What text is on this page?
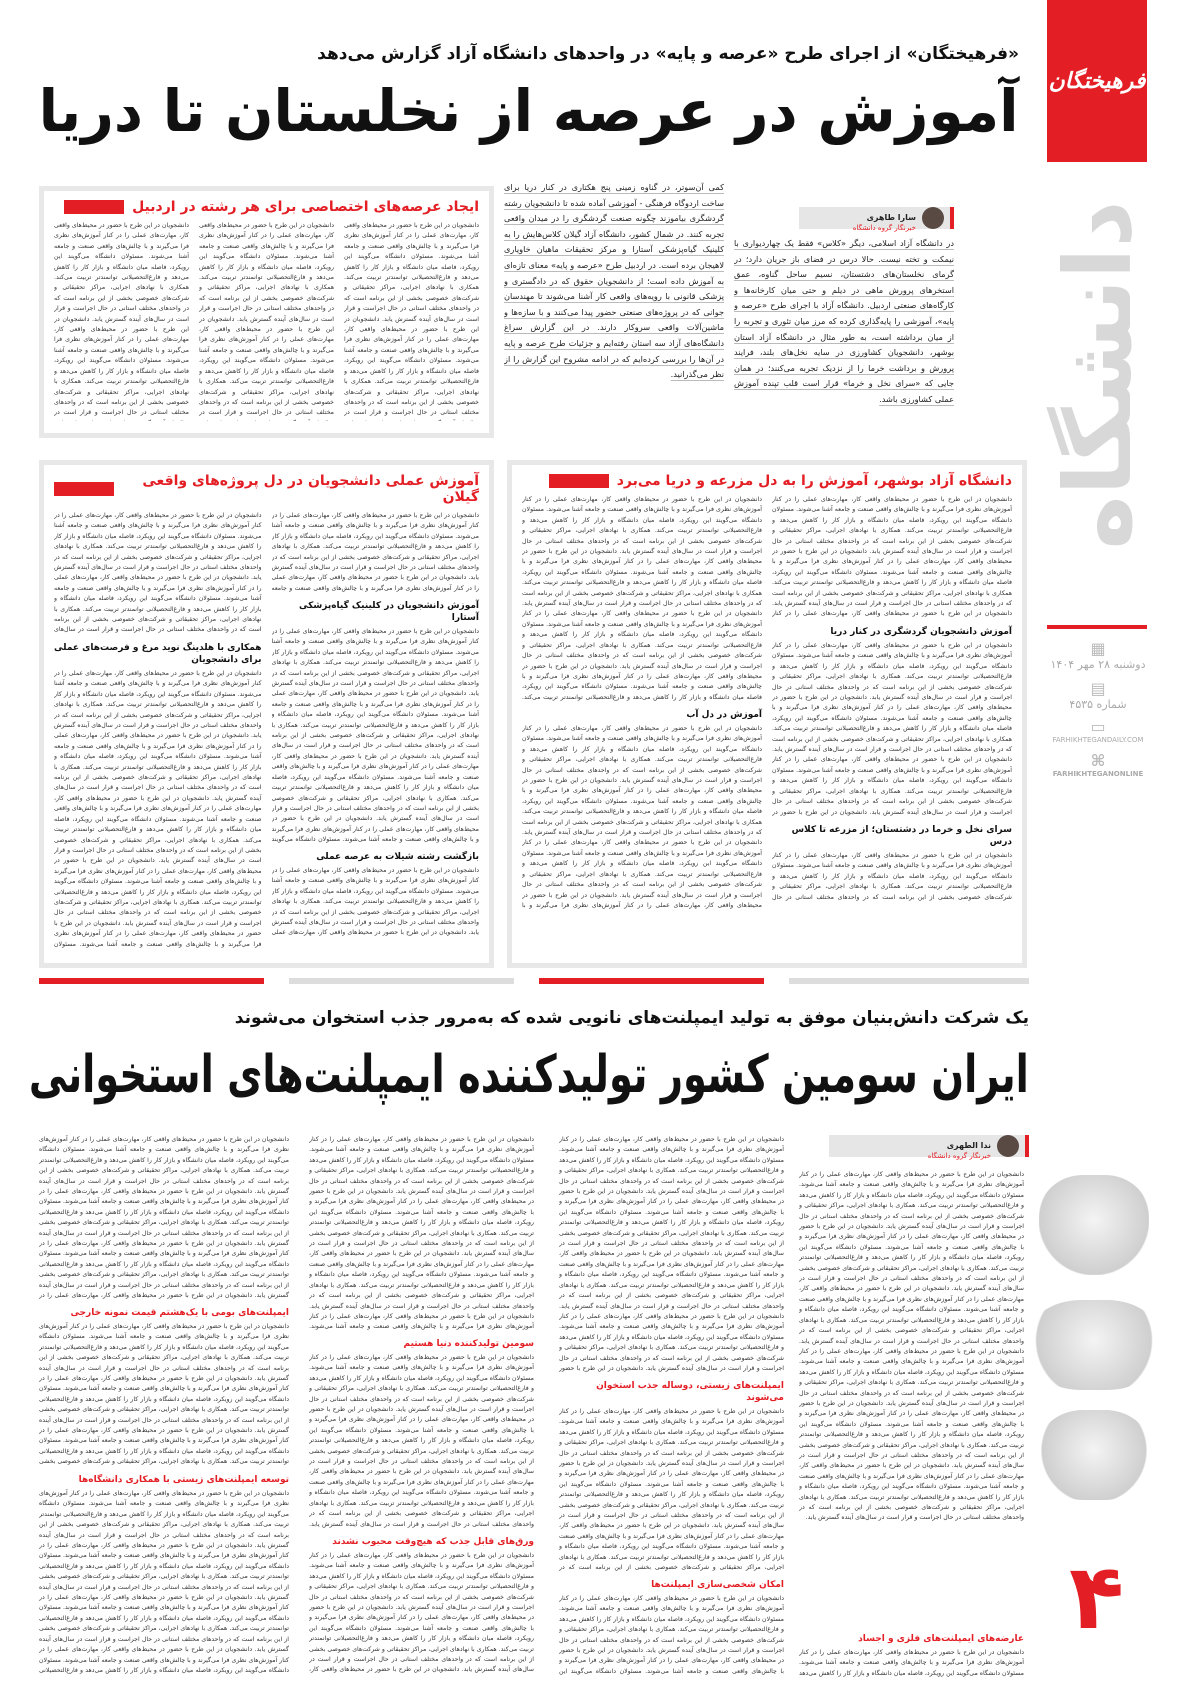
فرهیختگان
دانشگاه
▦
دوشنبه ۲۸ مهر ۱۴۰۴
▤
شماره ۴۵۳۵
▭
FARHIKHTEGANDAILY.COM
⌘
FARHIKHTEGANONLINE
۴
«فرهیختگان» از اجرای طرح «عرصه و پایه» در واحدهای دانشگاه آزاد گزارش می‌دهد
آموزش در عرصه از نخلستان تا دریا
سارا طاهری
خبرنگار گروه دانشگاه

در دانشگاه آزاد اسلامی، دیگر «کلاس» فقط یک چهاردیواری با نیمکت و تخته نیست. حالا درس در فضای باز جریان دارد؛ در گرمای نخلستان‌های دشتستان، نسیم ساحل گناوه، عمق استخرهای پرورش ماهی در دیلم و حتی میان کارخانه‌ها و کارگاه‌های صنعتی اردبیل. دانشگاه آزاد با اجرای طرح «عرصه و پایه»، آموزشی را پایه‌گذاری کرده که مرز میان تئوری و تجربه را از میان برداشته است، به طور مثال در دانشگاه آزاد استان بوشهر، دانشجویان کشاورزی در سایه نخل‌های بلند، فرایند پرورش و برداشت خرما را از نزدیک تجربه می‌کنند؛ در همان جایی که «سرای نخل و خرما» قرار است قلب تپنده آموزش عملی کشاورزی باشد.

کمی آن‌سوتر، در گناوه زمینی پنج هکتاری در کنار دریا برای ساخت اردوگاه فرهنگی - آموزشی آماده شده تا دانشجویان رشته گردشگری بیاموزند چگونه صنعت گردشگری را در میدان واقعی تجربه کنند. در شمال کشور، دانشگاه آزاد گیلان کلاس‌هایش را به کلینیک گیاه‌پزشکی آستارا و مرکز تحقیقات ماهیان خاویاری لاهیجان برده است. در اردبیل طرح «عرصه و پایه» معنای تازه‌ای به آموزش داده است؛ از دانشجویان حقوق که در دادگستری و پزشکی قانونی با رویه‌های واقعی کار آشنا می‌شوند تا مهندسان جوانی که در پروژه‌های صنعتی حضور پیدا می‌کنند و با سازه‌ها و ماشین‌آلات واقعی سروکار دارند. در این گزارش سراغ دانشگاه‌های آزاد سه استان رفته‌ایم و جزئیات طرح عرصه و پایه در آن‌ها را بررسی کرده‌ایم که در ادامه مشروح این گزارش را از نظر می‌گذرانید.

ایجاد عرصه‌های اختصاصی برای هر رشته در اردبیل
دانشجویان در این طرح با حضور در محیط‌های واقعی کار، مهارت‌های عملی را در کنار آموزش‌های نظری فرا می‌گیرند و با چالش‌های واقعی صنعت و جامعه آشنا می‌شوند. مسئولان دانشگاه می‌گویند این رویکرد، فاصله میان دانشگاه و بازار کار را کاهش می‌دهد و فارغ‌التحصیلانی توانمندتر تربیت می‌کند. همکاری با نهادهای اجرایی، مراکز تحقیقاتی و شرکت‌های خصوصی بخشی از این برنامه است که در واحدهای مختلف استانی در حال اجراست و قرار است در سال‌های آینده گسترش یابد. دانشجویان در این طرح با حضور در محیط‌های واقعی کار، مهارت‌های عملی را در کنار آموزش‌های نظری فرا می‌گیرند و با چالش‌های واقعی صنعت و جامعه آشنا می‌شوند. مسئولان دانشگاه می‌گویند این رویکرد، فاصله میان دانشگاه و بازار کار را کاهش می‌دهد و فارغ‌التحصیلانی توانمندتر تربیت می‌کند. همکاری با نهادهای اجرایی، مراکز تحقیقاتی و شرکت‌های خصوصی بخشی از این برنامه است که در واحدهای مختلف استانی در حال اجراست و قرار است در
دانشجویان در این طرح با حضور در محیط‌های واقعی کار، مهارت‌های عملی را در کنار آموزش‌های نظری فرا می‌گیرند و با چالش‌های واقعی صنعت و جامعه آشنا می‌شوند. مسئولان دانشگاه می‌گویند این رویکرد، فاصله میان دانشگاه و بازار کار را کاهش می‌دهد و فارغ‌التحصیلانی توانمندتر تربیت می‌کند. همکاری با نهادهای اجرایی، مراکز تحقیقاتی و شرکت‌های خصوصی بخشی از این برنامه است که در واحدهای مختلف استانی در حال اجراست و قرار است در سال‌های آینده گسترش یابد. دانشجویان در این طرح با حضور در محیط‌های واقعی کار، مهارت‌های عملی را در کنار آموزش‌های نظری فرا می‌گیرند و با چالش‌های واقعی صنعت و جامعه آشنا می‌شوند. مسئولان دانشگاه می‌گویند این رویکرد، فاصله میان دانشگاه و بازار کار را کاهش می‌دهد و فارغ‌التحصیلانی توانمندتر تربیت می‌کند. همکاری با نهادهای اجرایی، مراکز تحقیقاتی و شرکت‌های خصوصی بخشی از این برنامه است که در واحدهای مختلف استانی در حال اجراست و قرار است در
دانشجویان در این طرح با حضور در محیط‌های واقعی کار، مهارت‌های عملی را در کنار آموزش‌های نظری فرا می‌گیرند و با چالش‌های واقعی صنعت و جامعه آشنا می‌شوند. مسئولان دانشگاه می‌گویند این رویکرد، فاصله میان دانشگاه و بازار کار را کاهش می‌دهد و فارغ‌التحصیلانی توانمندتر تربیت می‌کند. همکاری با نهادهای اجرایی، مراکز تحقیقاتی و شرکت‌های خصوصی بخشی از این برنامه است که در واحدهای مختلف استانی در حال اجراست و قرار است در سال‌های آینده گسترش یابد. دانشجویان در این طرح با حضور در محیط‌های واقعی کار، مهارت‌های عملی را در کنار آموزش‌های نظری فرا می‌گیرند و با چالش‌های واقعی صنعت و جامعه آشنا می‌شوند. مسئولان دانشگاه می‌گویند این رویکرد، فاصله میان دانشگاه و بازار کار را کاهش می‌دهد و فارغ‌التحصیلانی توانمندتر تربیت می‌کند. همکاری با نهادهای اجرایی، مراکز تحقیقاتی و شرکت‌های خصوصی بخشی از این برنامه است که در واحدهای مختلف استانی در حال اجراست و قرار است در
دانشگاه آزاد بوشهر، آموزش را به دل مزرعه و دریا می‌برد
دانشجویان در این طرح با حضور در محیط‌های واقعی کار، مهارت‌های عملی را در کنار آموزش‌های نظری فرا می‌گیرند و با چالش‌های واقعی صنعت و جامعه آشنا می‌شوند. مسئولان دانشگاه می‌گویند این رویکرد، فاصله میان دانشگاه و بازار کار را کاهش می‌دهد و فارغ‌التحصیلانی توانمندتر تربیت می‌کند. همکاری با نهادهای اجرایی، مراکز تحقیقاتی و شرکت‌های خصوصی بخشی از این برنامه است که در واحدهای مختلف استانی در حال اجراست و قرار است در سال‌های آینده گسترش یابد. دانشجویان در این طرح با حضور در محیط‌های واقعی کار، مهارت‌های عملی را در کنار آموزش‌های نظری فرا می‌گیرند و با چالش‌های واقعی صنعت و جامعه آشنا می‌شوند. مسئولان دانشگاه می‌گویند این رویکرد، فاصله میان دانشگاه و بازار کار را کاهش می‌دهد و فارغ‌التحصیلانی توانمندتر تربیت می‌کند. همکاری با نهادهای اجرایی، مراکز تحقیقاتی و شرکت‌های خصوصی بخشی از این برنامه است که در واحدهای مختلف استانی در حال اجراست و قرار است در سال‌های آینده گسترش یابد. دانشجویان در این طرح با حضور در محیط‌های واقعی کار، مهارت‌های عملی را در کنار
آموزش دانشجویان گردشگری در کنار دریا
دانشجویان در این طرح با حضور در محیط‌های واقعی کار، مهارت‌های عملی را در کنار آموزش‌های نظری فرا می‌گیرند و با چالش‌های واقعی صنعت و جامعه آشنا می‌شوند. مسئولان دانشگاه می‌گویند این رویکرد، فاصله میان دانشگاه و بازار کار را کاهش می‌دهد و فارغ‌التحصیلانی توانمندتر تربیت می‌کند. همکاری با نهادهای اجرایی، مراکز تحقیقاتی و شرکت‌های خصوصی بخشی از این برنامه است که در واحدهای مختلف استانی در حال اجراست و قرار است در سال‌های آینده گسترش یابد. دانشجویان در این طرح با حضور در محیط‌های واقعی کار، مهارت‌های عملی را در کنار آموزش‌های نظری فرا می‌گیرند و با چالش‌های واقعی صنعت و جامعه آشنا می‌شوند. مسئولان دانشگاه می‌گویند این رویکرد، فاصله میان دانشگاه و بازار کار را کاهش می‌دهد و فارغ‌التحصیلانی توانمندتر تربیت می‌کند. همکاری با نهادهای اجرایی، مراکز تحقیقاتی و شرکت‌های خصوصی بخشی از این برنامه است که در واحدهای مختلف استانی در حال اجراست و قرار است در سال‌های آینده گسترش یابد. دانشجویان در این طرح با حضور در محیط‌های واقعی کار، مهارت‌های عملی را در کنار آموزش‌های نظری فرا می‌گیرند و با چالش‌های واقعی صنعت و جامعه آشنا می‌شوند. مسئولان دانشگاه می‌گویند این رویکرد، فاصله میان دانشگاه و بازار کار را کاهش می‌دهد و فارغ‌التحصیلانی توانمندتر تربیت می‌کند. همکاری با نهادهای اجرایی، مراکز تحقیقاتی و شرکت‌های خصوصی بخشی از این برنامه است که در واحدهای مختلف استانی در حال اجراست و قرار است در سال‌های آینده گسترش یابد. دانشجویان در این طرح با حضور در
سرای نخل و خرما در دشتستان؛ از مزرعه تا کلاس درس
دانشجویان در این طرح با حضور در محیط‌های واقعی کار، مهارت‌های عملی را در کنار آموزش‌های نظری فرا می‌گیرند و با چالش‌های واقعی صنعت و جامعه آشنا می‌شوند. مسئولان دانشگاه می‌گویند این رویکرد، فاصله میان دانشگاه و بازار کار را کاهش می‌دهد و فارغ‌التحصیلانی توانمندتر تربیت می‌کند. همکاری با نهادهای اجرایی، مراکز تحقیقاتی و شرکت‌های خصوصی بخشی از این برنامه است که در واحدهای مختلف استانی در حال
دانشجویان در این طرح با حضور در محیط‌های واقعی کار، مهارت‌های عملی را در کنار آموزش‌های نظری فرا می‌گیرند و با چالش‌های واقعی صنعت و جامعه آشنا می‌شوند. مسئولان دانشگاه می‌گویند این رویکرد، فاصله میان دانشگاه و بازار کار را کاهش می‌دهد و فارغ‌التحصیلانی توانمندتر تربیت می‌کند. همکاری با نهادهای اجرایی، مراکز تحقیقاتی و شرکت‌های خصوصی بخشی از این برنامه است که در واحدهای مختلف استانی در حال اجراست و قرار است در سال‌های آینده گسترش یابد. دانشجویان در این طرح با حضور در محیط‌های واقعی کار، مهارت‌های عملی را در کنار آموزش‌های نظری فرا می‌گیرند و با چالش‌های واقعی صنعت و جامعه آشنا می‌شوند. مسئولان دانشگاه می‌گویند این رویکرد، فاصله میان دانشگاه و بازار کار را کاهش می‌دهد و فارغ‌التحصیلانی توانمندتر تربیت می‌کند. همکاری با نهادهای اجرایی، مراکز تحقیقاتی و شرکت‌های خصوصی بخشی از این برنامه است که در واحدهای مختلف استانی در حال اجراست و قرار است در سال‌های آینده گسترش یابد. دانشجویان در این طرح با حضور در محیط‌های واقعی کار، مهارت‌های عملی را در کنار آموزش‌های نظری فرا می‌گیرند و با چالش‌های واقعی صنعت و جامعه آشنا می‌شوند. مسئولان دانشگاه می‌گویند این رویکرد، فاصله میان دانشگاه و بازار کار را کاهش می‌دهد و فارغ‌التحصیلانی توانمندتر تربیت می‌کند. همکاری با نهادهای اجرایی، مراکز تحقیقاتی و شرکت‌های خصوصی بخشی از این برنامه است که در واحدهای مختلف استانی در حال اجراست و قرار است در سال‌های آینده گسترش یابد. دانشجویان در این طرح با حضور در محیط‌های واقعی کار، مهارت‌های عملی را در کنار آموزش‌های نظری فرا می‌گیرند و با چالش‌های واقعی صنعت و جامعه آشنا می‌شوند. مسئولان دانشگاه می‌گویند این رویکرد، فاصله میان دانشگاه و بازار کار را کاهش می‌دهد و فارغ‌التحصیلانی توانمندتر تربیت می‌کند.
آموزش در دل آب
دانشجویان در این طرح با حضور در محیط‌های واقعی کار، مهارت‌های عملی را در کنار آموزش‌های نظری فرا می‌گیرند و با چالش‌های واقعی صنعت و جامعه آشنا می‌شوند. مسئولان دانشگاه می‌گویند این رویکرد، فاصله میان دانشگاه و بازار کار را کاهش می‌دهد و فارغ‌التحصیلانی توانمندتر تربیت می‌کند. همکاری با نهادهای اجرایی، مراکز تحقیقاتی و شرکت‌های خصوصی بخشی از این برنامه است که در واحدهای مختلف استانی در حال اجراست و قرار است در سال‌های آینده گسترش یابد. دانشجویان در این طرح با حضور در محیط‌های واقعی کار، مهارت‌های عملی را در کنار آموزش‌های نظری فرا می‌گیرند و با چالش‌های واقعی صنعت و جامعه آشنا می‌شوند. مسئولان دانشگاه می‌گویند این رویکرد، فاصله میان دانشگاه و بازار کار را کاهش می‌دهد و فارغ‌التحصیلانی توانمندتر تربیت می‌کند. همکاری با نهادهای اجرایی، مراکز تحقیقاتی و شرکت‌های خصوصی بخشی از این برنامه است که در واحدهای مختلف استانی در حال اجراست و قرار است در سال‌های آینده گسترش یابد. دانشجویان در این طرح با حضور در محیط‌های واقعی کار، مهارت‌های عملی را در کنار آموزش‌های نظری فرا می‌گیرند و با چالش‌های واقعی صنعت و جامعه آشنا می‌شوند. مسئولان دانشگاه می‌گویند این رویکرد، فاصله میان دانشگاه و بازار کار را کاهش می‌دهد و فارغ‌التحصیلانی توانمندتر تربیت می‌کند. همکاری با نهادهای اجرایی، مراکز تحقیقاتی و شرکت‌های خصوصی بخشی از این برنامه است که در واحدهای مختلف استانی در حال اجراست و قرار است در سال‌های آینده گسترش یابد. دانشجویان در این طرح با حضور در محیط‌های واقعی کار، مهارت‌های عملی را در کنار آموزش‌های نظری فرا می‌گیرند و با
آموزش عملی دانشجویان در دل پروژه‌های واقعی گیلان
دانشجویان در این طرح با حضور در محیط‌های واقعی کار، مهارت‌های عملی را در کنار آموزش‌های نظری فرا می‌گیرند و با چالش‌های واقعی صنعت و جامعه آشنا می‌شوند. مسئولان دانشگاه می‌گویند این رویکرد، فاصله میان دانشگاه و بازار کار را کاهش می‌دهد و فارغ‌التحصیلانی توانمندتر تربیت می‌کند. همکاری با نهادهای اجرایی، مراکز تحقیقاتی و شرکت‌های خصوصی بخشی از این برنامه است که در واحدهای مختلف استانی در حال اجراست و قرار است در سال‌های آینده گسترش یابد. دانشجویان در این طرح با حضور در محیط‌های واقعی کار، مهارت‌های عملی را در کنار آموزش‌های نظری فرا می‌گیرند و با چالش‌های واقعی صنعت و جامعه
آموزش دانشجویان در کلینیک گیاه‌پزشکی آستارا
دانشجویان در این طرح با حضور در محیط‌های واقعی کار، مهارت‌های عملی را در کنار آموزش‌های نظری فرا می‌گیرند و با چالش‌های واقعی صنعت و جامعه آشنا می‌شوند. مسئولان دانشگاه می‌گویند این رویکرد، فاصله میان دانشگاه و بازار کار را کاهش می‌دهد و فارغ‌التحصیلانی توانمندتر تربیت می‌کند. همکاری با نهادهای اجرایی، مراکز تحقیقاتی و شرکت‌های خصوصی بخشی از این برنامه است که در واحدهای مختلف استانی در حال اجراست و قرار است در سال‌های آینده گسترش یابد. دانشجویان در این طرح با حضور در محیط‌های واقعی کار، مهارت‌های عملی را در کنار آموزش‌های نظری فرا می‌گیرند و با چالش‌های واقعی صنعت و جامعه آشنا می‌شوند. مسئولان دانشگاه می‌گویند این رویکرد، فاصله میان دانشگاه و بازار کار را کاهش می‌دهد و فارغ‌التحصیلانی توانمندتر تربیت می‌کند. همکاری با نهادهای اجرایی، مراکز تحقیقاتی و شرکت‌های خصوصی بخشی از این برنامه است که در واحدهای مختلف استانی در حال اجراست و قرار است در سال‌های آینده گسترش یابد. دانشجویان در این طرح با حضور در محیط‌های واقعی کار، مهارت‌های عملی را در کنار آموزش‌های نظری فرا می‌گیرند و با چالش‌های واقعی صنعت و جامعه آشنا می‌شوند. مسئولان دانشگاه می‌گویند این رویکرد، فاصله میان دانشگاه و بازار کار را کاهش می‌دهد و فارغ‌التحصیلانی توانمندتر تربیت می‌کند. همکاری با نهادهای اجرایی، مراکز تحقیقاتی و شرکت‌های خصوصی بخشی از این برنامه است که در واحدهای مختلف استانی در حال اجراست و قرار است در سال‌های آینده گسترش یابد. دانشجویان در این طرح با حضور در محیط‌های واقعی کار، مهارت‌های عملی را در کنار آموزش‌های نظری فرا می‌گیرند و با چالش‌های واقعی صنعت و جامعه آشنا می‌شوند. مسئولان دانشگاه می‌گویند
بازگشت رشته شیلات به عرصه عملی
دانشجویان در این طرح با حضور در محیط‌های واقعی کار، مهارت‌های عملی را در کنار آموزش‌های نظری فرا می‌گیرند و با چالش‌های واقعی صنعت و جامعه آشنا می‌شوند. مسئولان دانشگاه می‌گویند این رویکرد، فاصله میان دانشگاه و بازار کار را کاهش می‌دهد و فارغ‌التحصیلانی توانمندتر تربیت می‌کند. همکاری با نهادهای اجرایی، مراکز تحقیقاتی و شرکت‌های خصوصی بخشی از این برنامه است که در واحدهای مختلف استانی در حال اجراست و قرار است در سال‌های آینده گسترش یابد. دانشجویان در این طرح با حضور در محیط‌های واقعی کار، مهارت‌های عملی
دانشجویان در این طرح با حضور در محیط‌های واقعی کار، مهارت‌های عملی را در کنار آموزش‌های نظری فرا می‌گیرند و با چالش‌های واقعی صنعت و جامعه آشنا می‌شوند. مسئولان دانشگاه می‌گویند این رویکرد، فاصله میان دانشگاه و بازار کار را کاهش می‌دهد و فارغ‌التحصیلانی توانمندتر تربیت می‌کند. همکاری با نهادهای اجرایی، مراکز تحقیقاتی و شرکت‌های خصوصی بخشی از این برنامه است که در واحدهای مختلف استانی در حال اجراست و قرار است در سال‌های آینده گسترش یابد. دانشجویان در این طرح با حضور در محیط‌های واقعی کار، مهارت‌های عملی را در کنار آموزش‌های نظری فرا می‌گیرند و با چالش‌های واقعی صنعت و جامعه آشنا می‌شوند. مسئولان دانشگاه می‌گویند این رویکرد، فاصله میان دانشگاه و بازار کار را کاهش می‌دهد و فارغ‌التحصیلانی توانمندتر تربیت می‌کند. همکاری با نهادهای اجرایی، مراکز تحقیقاتی و شرکت‌های خصوصی بخشی از این برنامه است که در واحدهای مختلف استانی در حال اجراست و قرار است در سال‌های
همکاری با هلدینگ نوید مرغ و فرصت‌های عملی برای دانشجویان
دانشجویان در این طرح با حضور در محیط‌های واقعی کار، مهارت‌های عملی را در کنار آموزش‌های نظری فرا می‌گیرند و با چالش‌های واقعی صنعت و جامعه آشنا می‌شوند. مسئولان دانشگاه می‌گویند این رویکرد، فاصله میان دانشگاه و بازار کار را کاهش می‌دهد و فارغ‌التحصیلانی توانمندتر تربیت می‌کند. همکاری با نهادهای اجرایی، مراکز تحقیقاتی و شرکت‌های خصوصی بخشی از این برنامه است که در واحدهای مختلف استانی در حال اجراست و قرار است در سال‌های آینده گسترش یابد. دانشجویان در این طرح با حضور در محیط‌های واقعی کار، مهارت‌های عملی را در کنار آموزش‌های نظری فرا می‌گیرند و با چالش‌های واقعی صنعت و جامعه آشنا می‌شوند. مسئولان دانشگاه می‌گویند این رویکرد، فاصله میان دانشگاه و بازار کار را کاهش می‌دهد و فارغ‌التحصیلانی توانمندتر تربیت می‌کند. همکاری با نهادهای اجرایی، مراکز تحقیقاتی و شرکت‌های خصوصی بخشی از این برنامه است که در واحدهای مختلف استانی در حال اجراست و قرار است در سال‌های آینده گسترش یابد. دانشجویان در این طرح با حضور در محیط‌های واقعی کار، مهارت‌های عملی را در کنار آموزش‌های نظری فرا می‌گیرند و با چالش‌های واقعی صنعت و جامعه آشنا می‌شوند. مسئولان دانشگاه می‌گویند این رویکرد، فاصله میان دانشگاه و بازار کار را کاهش می‌دهد و فارغ‌التحصیلانی توانمندتر تربیت می‌کند. همکاری با نهادهای اجرایی، مراکز تحقیقاتی و شرکت‌های خصوصی بخشی از این برنامه است که در واحدهای مختلف استانی در حال اجراست و قرار است در سال‌های آینده گسترش یابد. دانشجویان در این طرح با حضور در محیط‌های واقعی کار، مهارت‌های عملی را در کنار آموزش‌های نظری فرا می‌گیرند و با چالش‌های واقعی صنعت و جامعه آشنا می‌شوند. مسئولان دانشگاه می‌گویند این رویکرد، فاصله میان دانشگاه و بازار کار را کاهش می‌دهد و فارغ‌التحصیلانی توانمندتر تربیت می‌کند. همکاری با نهادهای اجرایی، مراکز تحقیقاتی و شرکت‌های خصوصی بخشی از این برنامه است که در واحدهای مختلف استانی در حال اجراست و قرار است در سال‌های آینده گسترش یابد. دانشجویان در این طرح با حضور در محیط‌های واقعی کار، مهارت‌های عملی را در کنار آموزش‌های نظری فرا می‌گیرند و با چالش‌های واقعی صنعت و جامعه آشنا می‌شوند. مسئولان
یک شرکت دانش‌بنیان موفق به تولید ایمپلنت‌های نانویی شده که به‌مرور جذب استخوان می‌شوند
ایران سومین کشور تولیدکننده ایمپلنت‌های استخوانی
ندا الطهری
خبرنگار گروه دانشگاه
دانشجویان در این طرح با حضور در محیط‌های واقعی کار، مهارت‌های عملی را در کنار آموزش‌های نظری فرا می‌گیرند و با چالش‌های واقعی صنعت و جامعه آشنا می‌شوند. مسئولان دانشگاه می‌گویند این رویکرد، فاصله میان دانشگاه و بازار کار را کاهش می‌دهد و فارغ‌التحصیلانی توانمندتر تربیت می‌کند. همکاری با نهادهای اجرایی، مراکز تحقیقاتی و شرکت‌های خصوصی بخشی از این برنامه است که در واحدهای مختلف استانی در حال اجراست و قرار است در سال‌های آینده گسترش یابد. دانشجویان در این طرح با حضور در محیط‌های واقعی کار، مهارت‌های عملی را در کنار آموزش‌های نظری فرا می‌گیرند و با چالش‌های واقعی صنعت و جامعه آشنا می‌شوند. مسئولان دانشگاه می‌گویند این رویکرد، فاصله میان دانشگاه و بازار کار را کاهش می‌دهد و فارغ‌التحصیلانی توانمندتر تربیت می‌کند. همکاری با نهادهای اجرایی، مراکز تحقیقاتی و شرکت‌های خصوصی بخشی از این برنامه است که در واحدهای مختلف استانی در حال اجراست و قرار است در سال‌های آینده گسترش یابد. دانشجویان در این طرح با حضور در محیط‌های واقعی کار، مهارت‌های عملی را در کنار آموزش‌های نظری فرا می‌گیرند و با چالش‌های واقعی صنعت و جامعه آشنا می‌شوند. مسئولان دانشگاه می‌گویند این رویکرد، فاصله میان دانشگاه و بازار کار را کاهش می‌دهد و فارغ‌التحصیلانی توانمندتر تربیت می‌کند. همکاری با نهادهای اجرایی، مراکز تحقیقاتی و شرکت‌های خصوصی بخشی از این برنامه است که در واحدهای مختلف استانی در حال اجراست و قرار است در سال‌های آینده گسترش یابد. دانشجویان در این طرح با حضور در محیط‌های واقعی کار، مهارت‌های عملی را در کنار آموزش‌های نظری فرا می‌گیرند و با چالش‌های واقعی صنعت و جامعه آشنا می‌شوند. مسئولان دانشگاه می‌گویند این رویکرد، فاصله میان دانشگاه و بازار کار را کاهش می‌دهد و فارغ‌التحصیلانی توانمندتر تربیت می‌کند. همکاری با نهادهای اجرایی، مراکز تحقیقاتی و شرکت‌های خصوصی بخشی از این برنامه است که در واحدهای مختلف استانی در حال اجراست و قرار است در سال‌های آینده گسترش یابد. دانشجویان در این طرح با حضور در محیط‌های واقعی کار، مهارت‌های عملی را در کنار آموزش‌های نظری فرا می‌گیرند و با چالش‌های واقعی صنعت و جامعه آشنا می‌شوند. مسئولان دانشگاه می‌گویند این رویکرد، فاصله میان دانشگاه و بازار کار را کاهش می‌دهد و فارغ‌التحصیلانی توانمندتر تربیت می‌کند. همکاری با نهادهای اجرایی، مراکز تحقیقاتی و شرکت‌های خصوصی بخشی از این برنامه است که در واحدهای مختلف استانی در حال اجراست و قرار است در سال‌های آینده گسترش یابد. دانشجویان در این طرح با حضور در محیط‌های واقعی کار، مهارت‌های عملی را در کنار آموزش‌های نظری فرا می‌گیرند و با چالش‌های واقعی صنعت و جامعه آشنا می‌شوند. مسئولان دانشگاه می‌گویند این رویکرد، فاصله میان دانشگاه و بازار کار را کاهش می‌دهد و فارغ‌التحصیلانی توانمندتر تربیت می‌کند. همکاری با نهادهای اجرایی، مراکز تحقیقاتی و شرکت‌های خصوصی بخشی از این برنامه است که در واحدهای مختلف استانی در حال اجراست و قرار است در سال‌های آینده گسترش یابد.
عارضه‌های ایمپلنت‌های فلزی و اجساد
دانشجویان در این طرح با حضور در محیط‌های واقعی کار، مهارت‌های عملی را در کنار آموزش‌های نظری فرا می‌گیرند و با چالش‌های واقعی صنعت و جامعه آشنا می‌شوند. مسئولان دانشگاه می‌گویند این رویکرد، فاصله میان دانشگاه و بازار کار را کاهش می‌دهد
دانشجویان در این طرح با حضور در محیط‌های واقعی کار، مهارت‌های عملی را در کنار آموزش‌های نظری فرا می‌گیرند و با چالش‌های واقعی صنعت و جامعه آشنا می‌شوند. مسئولان دانشگاه می‌گویند این رویکرد، فاصله میان دانشگاه و بازار کار را کاهش می‌دهد و فارغ‌التحصیلانی توانمندتر تربیت می‌کند. همکاری با نهادهای اجرایی، مراکز تحقیقاتی و شرکت‌های خصوصی بخشی از این برنامه است که در واحدهای مختلف استانی در حال اجراست و قرار است در سال‌های آینده گسترش یابد. دانشجویان در این طرح با حضور در محیط‌های واقعی کار، مهارت‌های عملی را در کنار آموزش‌های نظری فرا می‌گیرند و با چالش‌های واقعی صنعت و جامعه آشنا می‌شوند. مسئولان دانشگاه می‌گویند این رویکرد، فاصله میان دانشگاه و بازار کار را کاهش می‌دهد و فارغ‌التحصیلانی توانمندتر تربیت می‌کند. همکاری با نهادهای اجرایی، مراکز تحقیقاتی و شرکت‌های خصوصی بخشی از این برنامه است که در واحدهای مختلف استانی در حال اجراست و قرار است در سال‌های آینده گسترش یابد. دانشجویان در این طرح با حضور در محیط‌های واقعی کار، مهارت‌های عملی را در کنار آموزش‌های نظری فرا می‌گیرند و با چالش‌های واقعی صنعت و جامعه آشنا می‌شوند. مسئولان دانشگاه می‌گویند این رویکرد، فاصله میان دانشگاه و بازار کار را کاهش می‌دهد و فارغ‌التحصیلانی توانمندتر تربیت می‌کند. همکاری با نهادهای اجرایی، مراکز تحقیقاتی و شرکت‌های خصوصی بخشی از این برنامه است که در واحدهای مختلف استانی در حال اجراست و قرار است در سال‌های آینده گسترش یابد. دانشجویان در این طرح با حضور در محیط‌های واقعی کار، مهارت‌های عملی را در کنار آموزش‌های نظری فرا می‌گیرند و با چالش‌های واقعی صنعت و جامعه آشنا می‌شوند. مسئولان دانشگاه می‌گویند این رویکرد، فاصله میان دانشگاه و بازار کار را کاهش می‌دهد و فارغ‌التحصیلانی توانمندتر تربیت می‌کند. همکاری با نهادهای اجرایی، مراکز تحقیقاتی و شرکت‌های خصوصی بخشی از این برنامه است که در واحدهای مختلف استانی در حال اجراست و قرار است در سال‌های آینده گسترش یابد. دانشجویان در این طرح با حضور
ایمپلنت‌های زیستی، دوساله جذب استخوان می‌شوند
دانشجویان در این طرح با حضور در محیط‌های واقعی کار، مهارت‌های عملی را در کنار آموزش‌های نظری فرا می‌گیرند و با چالش‌های واقعی صنعت و جامعه آشنا می‌شوند. مسئولان دانشگاه می‌گویند این رویکرد، فاصله میان دانشگاه و بازار کار را کاهش می‌دهد و فارغ‌التحصیلانی توانمندتر تربیت می‌کند. همکاری با نهادهای اجرایی، مراکز تحقیقاتی و شرکت‌های خصوصی بخشی از این برنامه است که در واحدهای مختلف استانی در حال اجراست و قرار است در سال‌های آینده گسترش یابد. دانشجویان در این طرح با حضور در محیط‌های واقعی کار، مهارت‌های عملی را در کنار آموزش‌های نظری فرا می‌گیرند و با چالش‌های واقعی صنعت و جامعه آشنا می‌شوند. مسئولان دانشگاه می‌گویند این رویکرد، فاصله میان دانشگاه و بازار کار را کاهش می‌دهد و فارغ‌التحصیلانی توانمندتر تربیت می‌کند. همکاری با نهادهای اجرایی، مراکز تحقیقاتی و شرکت‌های خصوصی بخشی از این برنامه است که در واحدهای مختلف استانی در حال اجراست و قرار است در سال‌های آینده گسترش یابد. دانشجویان در این طرح با حضور در محیط‌های واقعی کار، مهارت‌های عملی را در کنار آموزش‌های نظری فرا می‌گیرند و با چالش‌های واقعی صنعت و جامعه آشنا می‌شوند. مسئولان دانشگاه می‌گویند این رویکرد، فاصله میان دانشگاه و بازار کار را کاهش می‌دهد و فارغ‌التحصیلانی توانمندتر تربیت می‌کند. همکاری با نهادهای اجرایی، مراکز تحقیقاتی و شرکت‌های خصوصی بخشی از این برنامه است که در
امکان شخصی‌سازی ایمپلنت‌ها
دانشجویان در این طرح با حضور در محیط‌های واقعی کار، مهارت‌های عملی را در کنار آموزش‌های نظری فرا می‌گیرند و با چالش‌های واقعی صنعت و جامعه آشنا می‌شوند. مسئولان دانشگاه می‌گویند این رویکرد، فاصله میان دانشگاه و بازار کار را کاهش می‌دهد و فارغ‌التحصیلانی توانمندتر تربیت می‌کند. همکاری با نهادهای اجرایی، مراکز تحقیقاتی و شرکت‌های خصوصی بخشی از این برنامه است که در واحدهای مختلف استانی در حال اجراست و قرار است در سال‌های آینده گسترش یابد. دانشجویان در این طرح با حضور در محیط‌های واقعی کار، مهارت‌های عملی را در کنار آموزش‌های نظری فرا می‌گیرند و با چالش‌های واقعی صنعت و جامعه آشنا می‌شوند. مسئولان دانشگاه می‌گویند این
دانشجویان در این طرح با حضور در محیط‌های واقعی کار، مهارت‌های عملی را در کنار آموزش‌های نظری فرا می‌گیرند و با چالش‌های واقعی صنعت و جامعه آشنا می‌شوند. مسئولان دانشگاه می‌گویند این رویکرد، فاصله میان دانشگاه و بازار کار را کاهش می‌دهد و فارغ‌التحصیلانی توانمندتر تربیت می‌کند. همکاری با نهادهای اجرایی، مراکز تحقیقاتی و شرکت‌های خصوصی بخشی از این برنامه است که در واحدهای مختلف استانی در حال اجراست و قرار است در سال‌های آینده گسترش یابد. دانشجویان در این طرح با حضور در محیط‌های واقعی کار، مهارت‌های عملی را در کنار آموزش‌های نظری فرا می‌گیرند و با چالش‌های واقعی صنعت و جامعه آشنا می‌شوند. مسئولان دانشگاه می‌گویند این رویکرد، فاصله میان دانشگاه و بازار کار را کاهش می‌دهد و فارغ‌التحصیلانی توانمندتر تربیت می‌کند. همکاری با نهادهای اجرایی، مراکز تحقیقاتی و شرکت‌های خصوصی بخشی از این برنامه است که در واحدهای مختلف استانی در حال اجراست و قرار است در سال‌های آینده گسترش یابد. دانشجویان در این طرح با حضور در محیط‌های واقعی کار، مهارت‌های عملی را در کنار آموزش‌های نظری فرا می‌گیرند و با چالش‌های واقعی صنعت و جامعه آشنا می‌شوند. مسئولان دانشگاه می‌گویند این رویکرد، فاصله میان دانشگاه و بازار کار را کاهش می‌دهد و فارغ‌التحصیلانی توانمندتر تربیت می‌کند. همکاری با نهادهای اجرایی، مراکز تحقیقاتی و شرکت‌های خصوصی بخشی از این برنامه است که در واحدهای مختلف استانی در حال اجراست و قرار است در سال‌های آینده گسترش یابد. دانشجویان در این طرح با حضور در محیط‌های واقعی کار، مهارت‌های عملی را در کنار آموزش‌های نظری فرا می‌گیرند و با چالش‌های واقعی صنعت و جامعه آشنا می‌شوند.
سومین تولیدکننده دنیا هستیم
دانشجویان در این طرح با حضور در محیط‌های واقعی کار، مهارت‌های عملی را در کنار آموزش‌های نظری فرا می‌گیرند و با چالش‌های واقعی صنعت و جامعه آشنا می‌شوند. مسئولان دانشگاه می‌گویند این رویکرد، فاصله میان دانشگاه و بازار کار را کاهش می‌دهد و فارغ‌التحصیلانی توانمندتر تربیت می‌کند. همکاری با نهادهای اجرایی، مراکز تحقیقاتی و شرکت‌های خصوصی بخشی از این برنامه است که در واحدهای مختلف استانی در حال اجراست و قرار است در سال‌های آینده گسترش یابد. دانشجویان در این طرح با حضور در محیط‌های واقعی کار، مهارت‌های عملی را در کنار آموزش‌های نظری فرا می‌گیرند و با چالش‌های واقعی صنعت و جامعه آشنا می‌شوند. مسئولان دانشگاه می‌گویند این رویکرد، فاصله میان دانشگاه و بازار کار را کاهش می‌دهد و فارغ‌التحصیلانی توانمندتر تربیت می‌کند. همکاری با نهادهای اجرایی، مراکز تحقیقاتی و شرکت‌های خصوصی بخشی از این برنامه است که در واحدهای مختلف استانی در حال اجراست و قرار است در سال‌های آینده گسترش یابد. دانشجویان در این طرح با حضور در محیط‌های واقعی کار، مهارت‌های عملی را در کنار آموزش‌های نظری فرا می‌گیرند و با چالش‌های واقعی صنعت و جامعه آشنا می‌شوند. مسئولان دانشگاه می‌گویند این رویکرد، فاصله میان دانشگاه و بازار کار را کاهش می‌دهد و فارغ‌التحصیلانی توانمندتر تربیت می‌کند. همکاری با نهادهای اجرایی، مراکز تحقیقاتی و شرکت‌های خصوصی بخشی از این برنامه است که در واحدهای مختلف استانی در حال اجراست و قرار است در سال‌های آینده گسترش یابد.
ورق‌های قابل جذب که هیچ‌وقت محبوب نشدند
دانشجویان در این طرح با حضور در محیط‌های واقعی کار، مهارت‌های عملی را در کنار آموزش‌های نظری فرا می‌گیرند و با چالش‌های واقعی صنعت و جامعه آشنا می‌شوند. مسئولان دانشگاه می‌گویند این رویکرد، فاصله میان دانشگاه و بازار کار را کاهش می‌دهد و فارغ‌التحصیلانی توانمندتر تربیت می‌کند. همکاری با نهادهای اجرایی، مراکز تحقیقاتی و شرکت‌های خصوصی بخشی از این برنامه است که در واحدهای مختلف استانی در حال اجراست و قرار است در سال‌های آینده گسترش یابد. دانشجویان در این طرح با حضور در محیط‌های واقعی کار، مهارت‌های عملی را در کنار آموزش‌های نظری فرا می‌گیرند و با چالش‌های واقعی صنعت و جامعه آشنا می‌شوند. مسئولان دانشگاه می‌گویند این رویکرد، فاصله میان دانشگاه و بازار کار را کاهش می‌دهد و فارغ‌التحصیلانی توانمندتر تربیت می‌کند. همکاری با نهادهای اجرایی، مراکز تحقیقاتی و شرکت‌های خصوصی بخشی از این برنامه است که در واحدهای مختلف استانی در حال اجراست و قرار است در سال‌های آینده گسترش یابد. دانشجویان در این طرح با حضور در محیط‌های واقعی کار،
دانشجویان در این طرح با حضور در محیط‌های واقعی کار، مهارت‌های عملی را در کنار آموزش‌های نظری فرا می‌گیرند و با چالش‌های واقعی صنعت و جامعه آشنا می‌شوند. مسئولان دانشگاه می‌گویند این رویکرد، فاصله میان دانشگاه و بازار کار را کاهش می‌دهد و فارغ‌التحصیلانی توانمندتر تربیت می‌کند. همکاری با نهادهای اجرایی، مراکز تحقیقاتی و شرکت‌های خصوصی بخشی از این برنامه است که در واحدهای مختلف استانی در حال اجراست و قرار است در سال‌های آینده گسترش یابد. دانشجویان در این طرح با حضور در محیط‌های واقعی کار، مهارت‌های عملی را در کنار آموزش‌های نظری فرا می‌گیرند و با چالش‌های واقعی صنعت و جامعه آشنا می‌شوند. مسئولان دانشگاه می‌گویند این رویکرد، فاصله میان دانشگاه و بازار کار را کاهش می‌دهد و فارغ‌التحصیلانی توانمندتر تربیت می‌کند. همکاری با نهادهای اجرایی، مراکز تحقیقاتی و شرکت‌های خصوصی بخشی از این برنامه است که در واحدهای مختلف استانی در حال اجراست و قرار است در سال‌های آینده گسترش یابد. دانشجویان در این طرح با حضور در محیط‌های واقعی کار، مهارت‌های عملی را در کنار آموزش‌های نظری فرا می‌گیرند و با چالش‌های واقعی صنعت و جامعه آشنا می‌شوند. مسئولان دانشگاه می‌گویند این رویکرد، فاصله میان دانشگاه و بازار کار را کاهش می‌دهد و فارغ‌التحصیلانی توانمندتر تربیت می‌کند. همکاری با نهادهای اجرایی، مراکز تحقیقاتی و شرکت‌های خصوصی بخشی از این برنامه است که در واحدهای مختلف استانی در حال اجراست و قرار است در سال‌های آینده گسترش یابد. دانشجویان در این طرح با حضور در محیط‌های واقعی کار، مهارت‌های عملی را در
ایمپلنت‌های بومی با یک‌هشتم قیمت نمونه خارجی
دانشجویان در این طرح با حضور در محیط‌های واقعی کار، مهارت‌های عملی را در کنار آموزش‌های نظری فرا می‌گیرند و با چالش‌های واقعی صنعت و جامعه آشنا می‌شوند. مسئولان دانشگاه می‌گویند این رویکرد، فاصله میان دانشگاه و بازار کار را کاهش می‌دهد و فارغ‌التحصیلانی توانمندتر تربیت می‌کند. همکاری با نهادهای اجرایی، مراکز تحقیقاتی و شرکت‌های خصوصی بخشی از این برنامه است که در واحدهای مختلف استانی در حال اجراست و قرار است در سال‌های آینده گسترش یابد. دانشجویان در این طرح با حضور در محیط‌های واقعی کار، مهارت‌های عملی را در کنار آموزش‌های نظری فرا می‌گیرند و با چالش‌های واقعی صنعت و جامعه آشنا می‌شوند. مسئولان دانشگاه می‌گویند این رویکرد، فاصله میان دانشگاه و بازار کار را کاهش می‌دهد و فارغ‌التحصیلانی توانمندتر تربیت می‌کند. همکاری با نهادهای اجرایی، مراکز تحقیقاتی و شرکت‌های خصوصی بخشی از این برنامه است که در واحدهای مختلف استانی در حال اجراست و قرار است در سال‌های آینده گسترش یابد. دانشجویان در این طرح با حضور در محیط‌های واقعی کار، مهارت‌های عملی را در کنار آموزش‌های نظری فرا می‌گیرند و با چالش‌های واقعی صنعت و جامعه آشنا می‌شوند. مسئولان دانشگاه می‌گویند این رویکرد، فاصله میان دانشگاه و بازار کار را کاهش می‌دهد و فارغ‌التحصیلانی توانمندتر تربیت می‌کند. همکاری با نهادهای اجرایی، مراکز تحقیقاتی و شرکت‌های خصوصی بخشی
توسعه ایمپلنت‌های زیستی با همکاری دانشگاه‌ها
دانشجویان در این طرح با حضور در محیط‌های واقعی کار، مهارت‌های عملی را در کنار آموزش‌های نظری فرا می‌گیرند و با چالش‌های واقعی صنعت و جامعه آشنا می‌شوند. مسئولان دانشگاه می‌گویند این رویکرد، فاصله میان دانشگاه و بازار کار را کاهش می‌دهد و فارغ‌التحصیلانی توانمندتر تربیت می‌کند. همکاری با نهادهای اجرایی، مراکز تحقیقاتی و شرکت‌های خصوصی بخشی از این برنامه است که در واحدهای مختلف استانی در حال اجراست و قرار است در سال‌های آینده گسترش یابد. دانشجویان در این طرح با حضور در محیط‌های واقعی کار، مهارت‌های عملی را در کنار آموزش‌های نظری فرا می‌گیرند و با چالش‌های واقعی صنعت و جامعه آشنا می‌شوند. مسئولان دانشگاه می‌گویند این رویکرد، فاصله میان دانشگاه و بازار کار را کاهش می‌دهد و فارغ‌التحصیلانی توانمندتر تربیت می‌کند. همکاری با نهادهای اجرایی، مراکز تحقیقاتی و شرکت‌های خصوصی بخشی از این برنامه است که در واحدهای مختلف استانی در حال اجراست و قرار است در سال‌های آینده گسترش یابد. دانشجویان در این طرح با حضور در محیط‌های واقعی کار، مهارت‌های عملی را در کنار آموزش‌های نظری فرا می‌گیرند و با چالش‌های واقعی صنعت و جامعه آشنا می‌شوند. مسئولان دانشگاه می‌گویند این رویکرد، فاصله میان دانشگاه و بازار کار را کاهش می‌دهد و فارغ‌التحصیلانی توانمندتر تربیت می‌کند. همکاری با نهادهای اجرایی، مراکز تحقیقاتی و شرکت‌های خصوصی بخشی از این برنامه است که در واحدهای مختلف استانی در حال اجراست و قرار است در سال‌های آینده گسترش یابد. دانشجویان در این طرح با حضور در محیط‌های واقعی کار، مهارت‌های عملی را در کنار آموزش‌های نظری فرا می‌گیرند و با چالش‌های واقعی صنعت و جامعه آشنا می‌شوند. مسئولان دانشگاه می‌گویند این رویکرد، فاصله میان دانشگاه و بازار کار را کاهش می‌دهد و فارغ‌التحصیلانی
